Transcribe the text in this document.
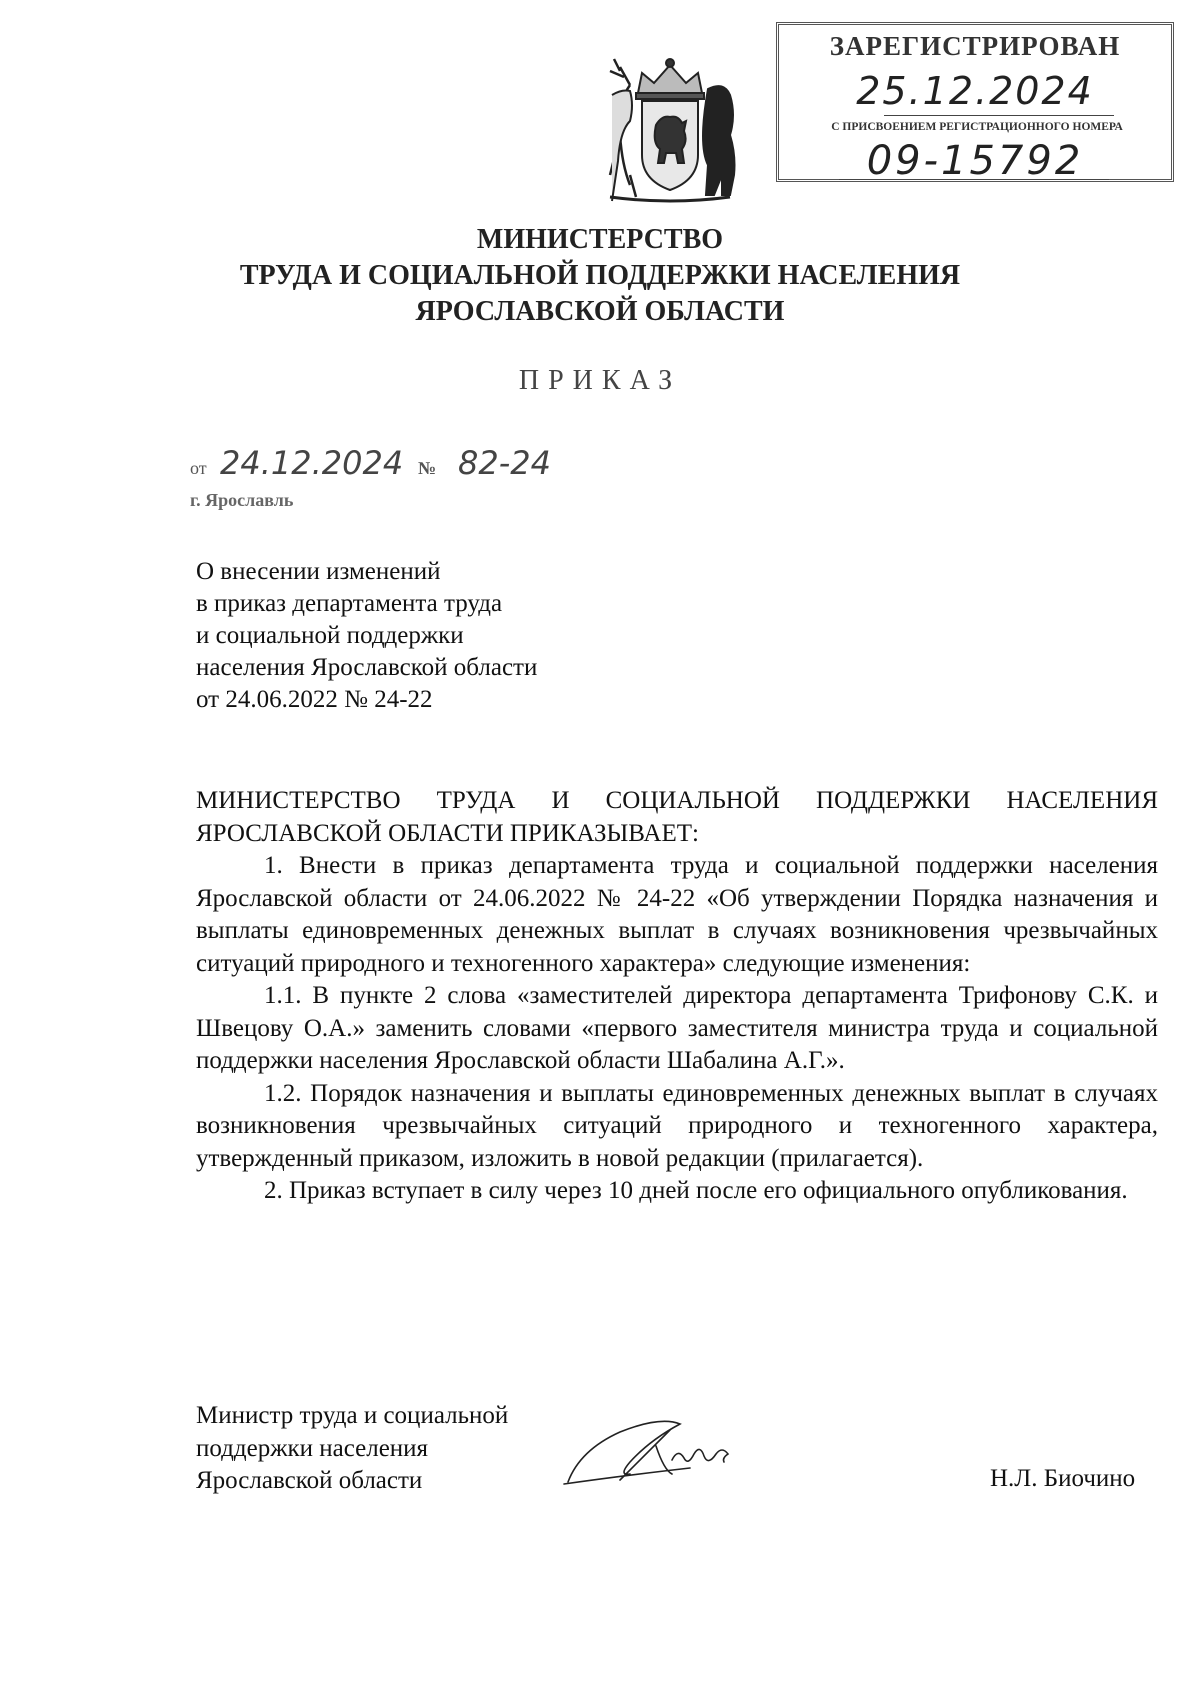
ЗАРЕГИСТРИРОВАН
25.12.2024
С ПРИСВОЕНИЕМ РЕГИСТРАЦИОННОГО НОМЕРА
09-15792
МИНИСТЕРСТВО
ТРУДА И СОЦИАЛЬНОЙ ПОДДЕРЖКИ НАСЕЛЕНИЯ
ЯРОСЛАВСКОЙ ОБЛАСТИ
ПРИКАЗ
от 24.12.2024 № 82-24
г. Ярославль
О внесении изменений
в приказ департамента труда
и социальной поддержки
населения Ярославской области
от 24.06.2022 № 24-22

МИНИСТЕРСТВО ТРУДА И СОЦИАЛЬНОЙ ПОДДЕРЖКИ НАСЕЛЕНИЯ ЯРОСЛАВСКОЙ ОБЛАСТИ ПРИКАЗЫВАЕТ:

1. Внести в приказ департамента труда и социальной поддержки населения Ярославской области от 24.06.2022 № 24-22 «Об утверждении Порядка назначения и выплаты единовременных денежных выплат в случаях возникновения чрезвычайных ситуаций природного и техногенного характера» следующие изменения:

1.1. В пункте 2 слова «заместителей директора департамента Трифонову С.К. и Швецову О.А.» заменить словами «первого заместителя министра труда и социальной поддержки населения Ярославской области Шабалина А.Г.».

1.2. Порядок назначения и выплаты единовременных денежных выплат в случаях возникновения чрезвычайных ситуаций природного и техногенного характера, утвержденный приказом, изложить в новой редакции (прилагается).

2. Приказ вступает в силу через 10 дней после его официального опубликования.

Министр труда и социальной
поддержки населения
Ярославской области	Н.Л. Биочино
